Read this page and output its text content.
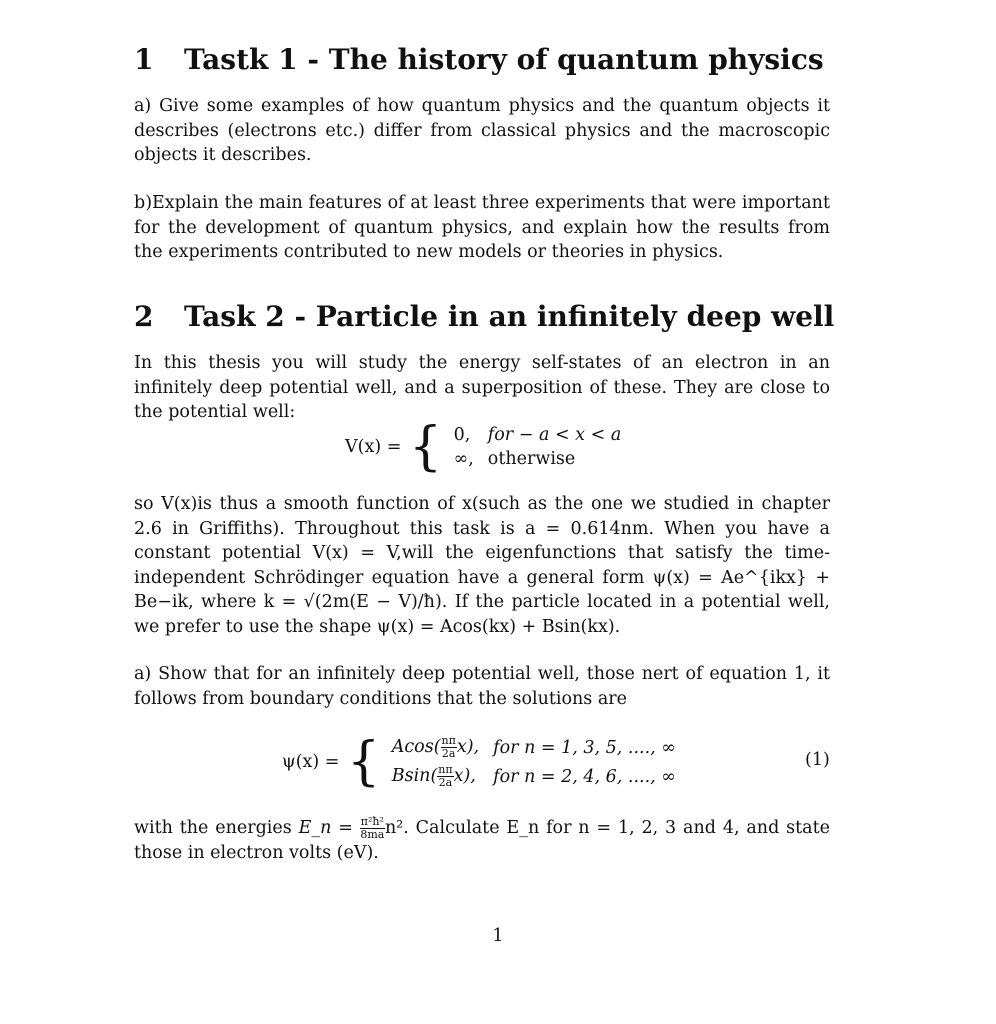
1 Tastk 1 - The history of quantum physics

a) Give some examples of how quantum physics and the quantum objects it describes (electrons etc.) differ from classical physics and the macroscopic objects it describes.

b)Explain the main features of at least three experiments that were important for the development of quantum physics, and explain how the results from the experiments contributed to new models or theories in physics.

2 Task 2 - Particle in an infinitely deep well

In this thesis you will study the energy self-states of an electron in an infinitely deep potential well, and a superposition of these. They are close to the potential well:

V(x) = { 0,	for − a < x < a
∞,	otherwise

so V(x)is thus a smooth function of x(such as the one we studied in chapter 2.6 in Griffiths). Throughout this task is a = 0.614nm. When you have a constant potential V(x) = V,will the eigenfunctions that satisfy the time-independent Schrödinger equation have a general form ψ(x) = Ae^{ikx} + Be−ik, where k = √(2m(E − V)/ħ). If the particle located in a potential well, we prefer to use the shape ψ(x) = Acos(kx) + Bsin(kx).

a) Show that for an infinitely deep potential well, those nert of equation 1, it follows from boundary conditions that the solutions are

ψ(x) = { $Acos( \frac{n\pi}{2a} x)$,	for n = 1, 3, 5, ...., ∞
$Bsin( \frac{n\pi}{2a} x)$,	for n = 2, 4, 6, ...., ∞
(1)

with the energies E_n = $\frac{\text{π²ħ²}}{8ma} n^2$. Calculate E_n for n = 1, 2, 3 and 4, and state those in electron volts (eV).

1
